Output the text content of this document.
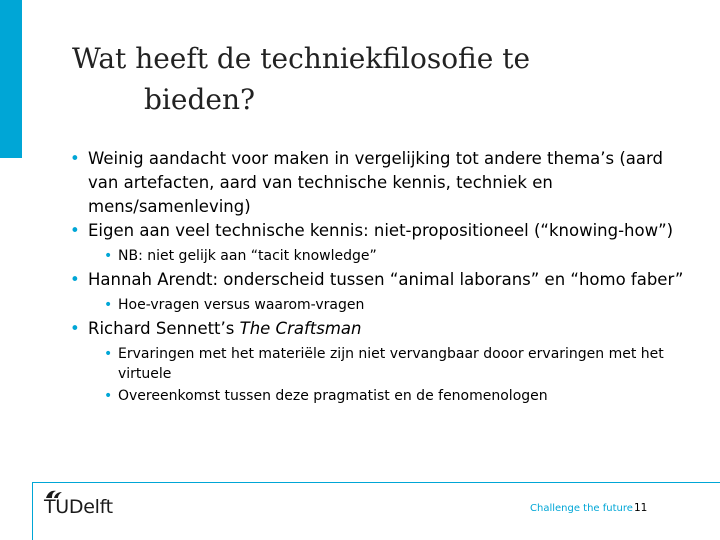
Wat heeft de techniekfilosofie te
bieden?

• Weinig aandacht voor maken in vergelijking tot andere thema’s (aard van artefacten, aard van technische kennis, techniek en mens/samenleving)

• Eigen aan veel technische kennis: niet-propositioneel (“knowing-how”)

• NB: niet gelijk aan “tacit knowledge”

• Hannah Arendt: onderscheid tussen “animal laborans” en “homo faber”

• Hoe-vragen versus waarom-vragen

• Richard Sennett’s The Craftsman

• Ervaringen met het materiële zijn niet vervangbaar dooor ervaringen met het virtuele

• Overeenkomst tussen deze pragmatist en de fenomenologen

TUDelft	Challenge the future 11
